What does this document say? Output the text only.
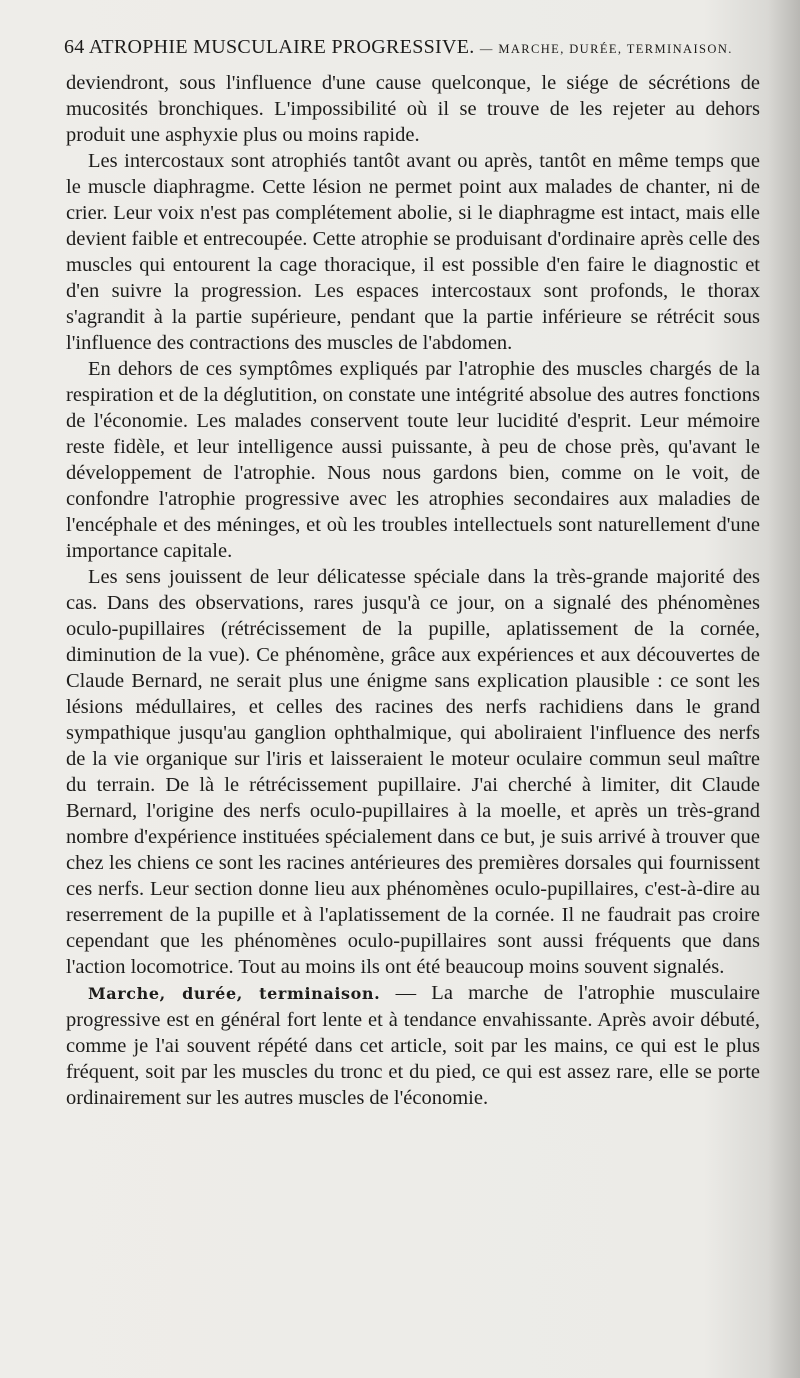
64 ATROPHIE MUSCULAIRE PROGRESSIVE. — MARCHE, DURÉE, TERMINAISON.

deviendront, sous l'influence d'une cause quelconque, le siége de sécrétions de mucosités bronchiques. L'impossibilité où il se trouve de les rejeter au dehors produit une asphyxie plus ou moins rapide.

Les intercostaux sont atrophiés tantôt avant ou après, tantôt en même temps que le muscle diaphragme. Cette lésion ne permet point aux malades de chanter, ni de crier. Leur voix n'est pas complétement abolie, si le diaphragme est intact, mais elle devient faible et entrecoupée. Cette atrophie se produisant d'ordinaire après celle des muscles qui entourent la cage thoracique, il est possible d'en faire le diagnostic et d'en suivre la progression. Les espaces intercostaux sont profonds, le thorax s'agrandit à la partie supérieure, pendant que la partie inférieure se rétrécit sous l'influence des contractions des muscles de l'abdomen.

En dehors de ces symptômes expliqués par l'atrophie des muscles chargés de la respiration et de la déglutition, on constate une intégrité absolue des autres fonctions de l'économie. Les malades conservent toute leur lucidité d'esprit. Leur mémoire reste fidèle, et leur intelligence aussi puissante, à peu de chose près, qu'avant le développement de l'atrophie. Nous nous gardons bien, comme on le voit, de confondre l'atrophie progressive avec les atrophies secondaires aux maladies de l'encéphale et des méninges, et où les troubles intellectuels sont naturellement d'une importance capitale.

Les sens jouissent de leur délicatesse spéciale dans la très-grande majorité des cas. Dans des observations, rares jusqu'à ce jour, on a signalé des phénomènes oculo-pupillaires (rétrécissement de la pupille, aplatissement de la cornée, diminution de la vue). Ce phénomène, grâce aux expériences et aux découvertes de Claude Bernard, ne serait plus une énigme sans explication plausible : ce sont les lésions médullaires, et celles des racines des nerfs rachidiens dans le grand sympathique jusqu'au ganglion ophthalmique, qui aboliraient l'influence des nerfs de la vie organique sur l'iris et laisseraient le moteur oculaire commun seul maître du terrain. De là le rétrécissement pupillaire. J'ai cherché à limiter, dit Claude Bernard, l'origine des nerfs oculo-pupillaires à la moelle, et après un très-grand nombre d'expérience instituées spécialement dans ce but, je suis arrivé à trouver que chez les chiens ce sont les racines antérieures des premières dorsales qui fournissent ces nerfs. Leur section donne lieu aux phénomènes oculo-pupillaires, c'est-à-dire au reserrement de la pupille et à l'aplatissement de la cornée. Il ne faudrait pas croire cependant que les phénomènes oculo-pupillaires sont aussi fréquents que dans l'action locomotrice. Tout au moins ils ont été beaucoup moins souvent signalés.

Marche, durée, terminaison. — La marche de l'atrophie musculaire progressive est en général fort lente et à tendance envahissante. Après avoir débuté, comme je l'ai souvent répété dans cet article, soit par les mains, ce qui est le plus fréquent, soit par les muscles du tronc et du pied, ce qui est assez rare, elle se porte ordinairement sur les autres muscles de l'économie.
